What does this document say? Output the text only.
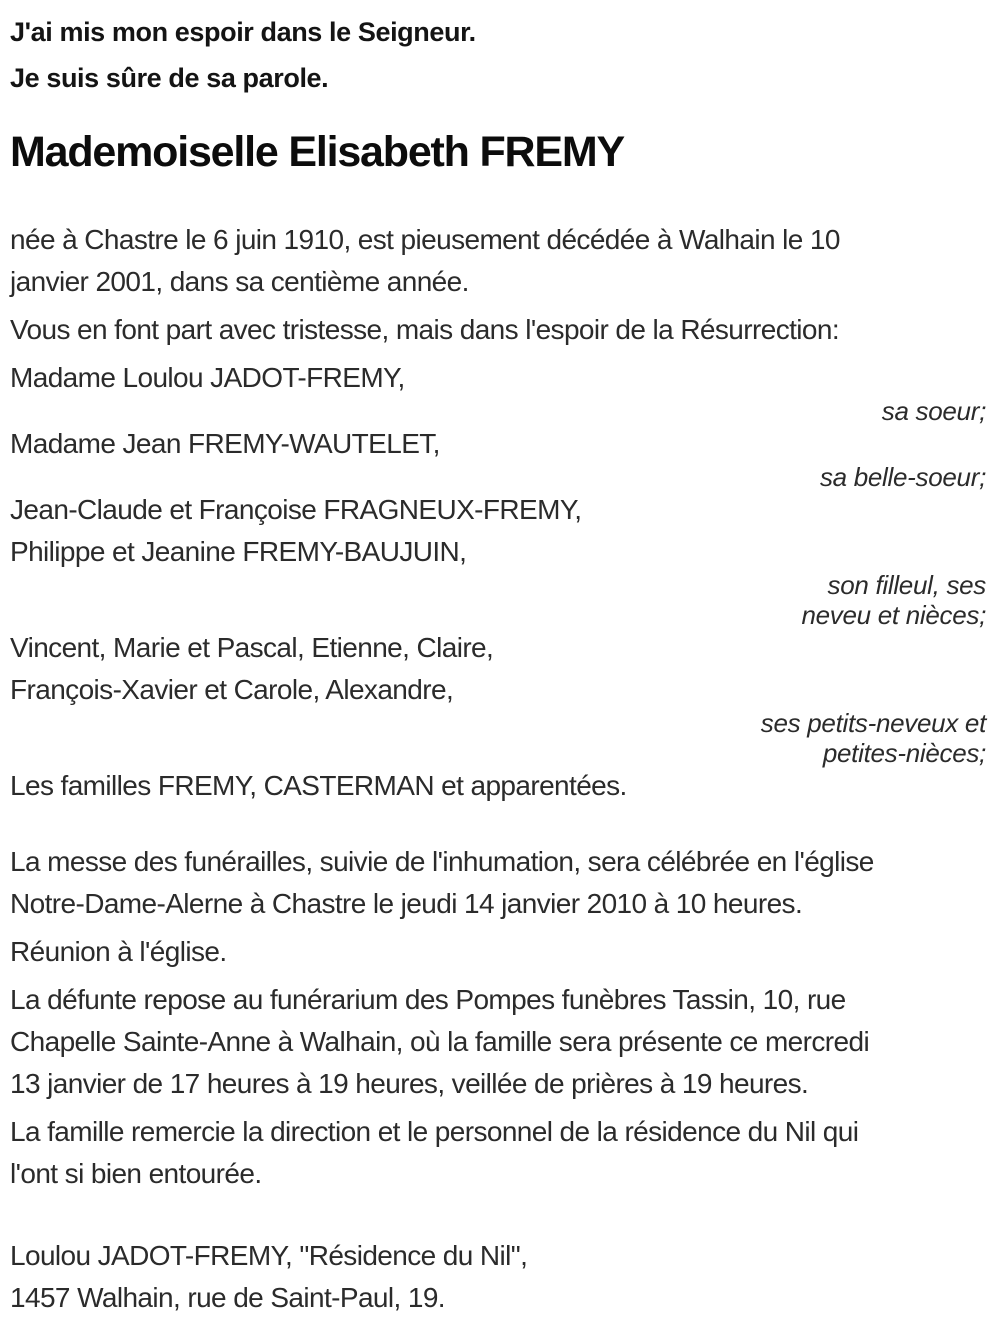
J'ai mis mon espoir dans le Seigneur.
Je suis sûre de sa parole.
Mademoiselle Elisabeth FREMY
née à Chastre le 6 juin 1910, est pieusement décédée à Walhain le 10
janvier 2001, dans sa centième année.
Vous en font part avec tristesse, mais dans l'espoir de la Résurrection:
Madame Loulou JADOT-FREMY,
sa soeur;
Madame Jean FREMY-WAUTELET,
sa belle-soeur;
Jean-Claude et Françoise FRAGNEUX-FREMY,
Philippe et Jeanine FREMY-BAUJUIN,
son filleul, ses
neveu et nièces;
Vincent, Marie et Pascal, Etienne, Claire,
François-Xavier et Carole, Alexandre,
ses petits-neveux et
petites-nièces;
Les familles FREMY, CASTERMAN et apparentées.
La messe des funérailles, suivie de l'inhumation, sera célébrée en l'église
Notre-Dame-Alerne à Chastre le jeudi 14 janvier 2010 à 10 heures.
Réunion à l'église.
La défunte repose au funérarium des Pompes funèbres Tassin, 10, rue
Chapelle Sainte-Anne à Walhain, où la famille sera présente ce mercredi
13 janvier de 17 heures à 19 heures, veillée de prières à 19 heures.
La famille remercie la direction et le personnel de la résidence du Nil qui
l'ont si bien entourée.
Loulou JADOT-FREMY, "Résidence du Nil",
1457 Walhain, rue de Saint-Paul, 19.
